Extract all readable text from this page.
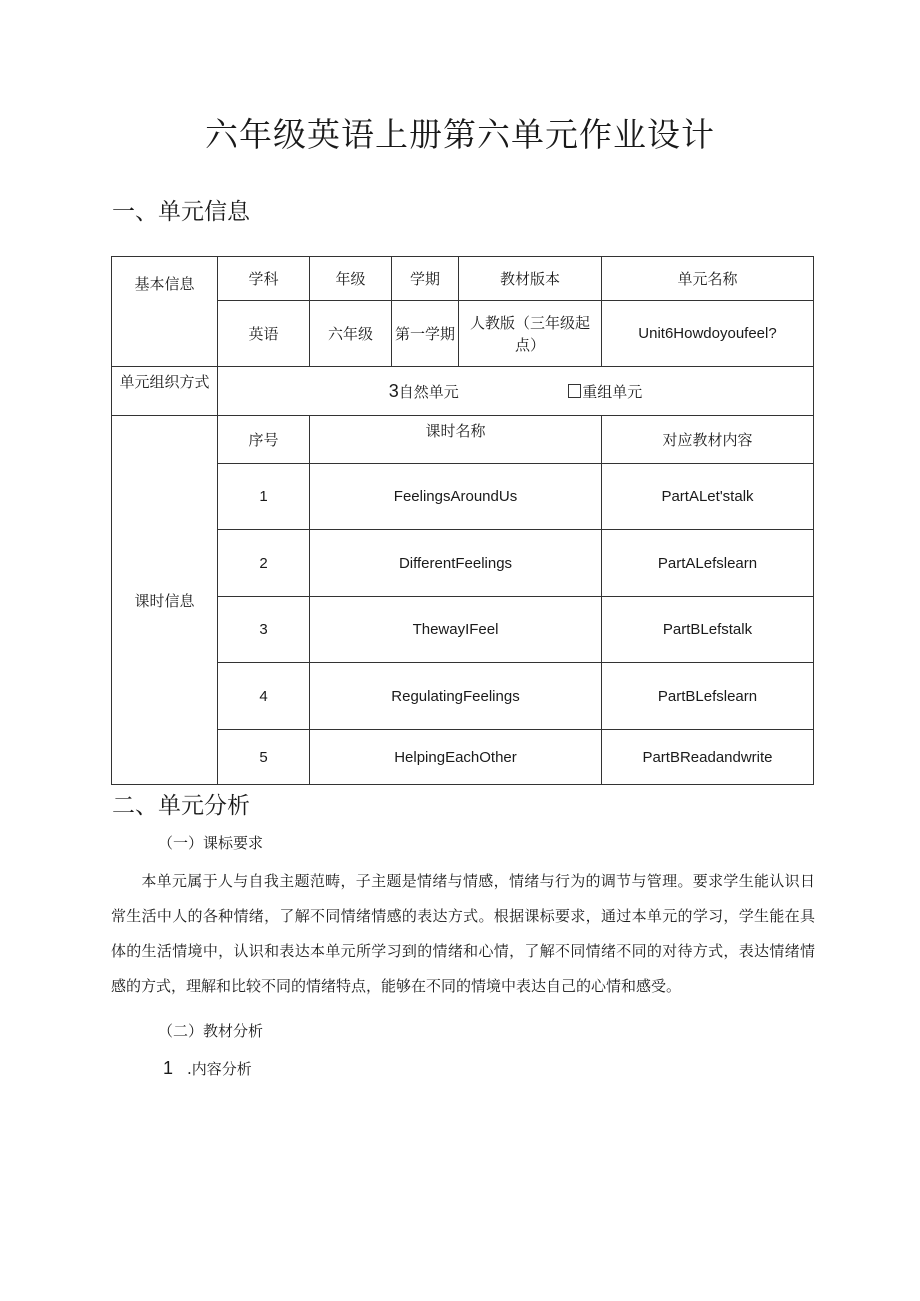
六年级英语上册第六单元作业设计
一、单元信息
基本信息	学科	年级	学期	教材版本	单元名称
	英语	六年级	第一学期	人教版（三年级起点）	Unit6Howdoyoufeel?
单元组织方式	3自然单元 重组单元				
课时信息	序号	课时名称			对应教材内容
	1	FeelingsAroundUs			PartALet'stalk
	2	DifferentFeelings			PartALefslearn
	3	ThewayIFeel			PartBLefstalk
	4	RegulatingFeelings			PartBLefslearn
	5	HelpingEachOther			PartBReadandwrite
二、单元分析
（一）课标要求
本单元属于人与自我主题范畴，子主题是情绪与情感，情绪与行为的调节与管理。要求学生能认识日常生活中人的各种情绪，了解不同情绪情感的表达方式。根据课标要求，通过本单元的学习，学生能在具体的生活情境中，认识和表达本单元所学习到的情绪和心情，了解不同情绪不同的对待方式，表达情绪情感的方式，理解和比较不同的情绪特点，能够在不同的情境中表达自己的心情和感受。
（二）教材分析
1 .内容分析
